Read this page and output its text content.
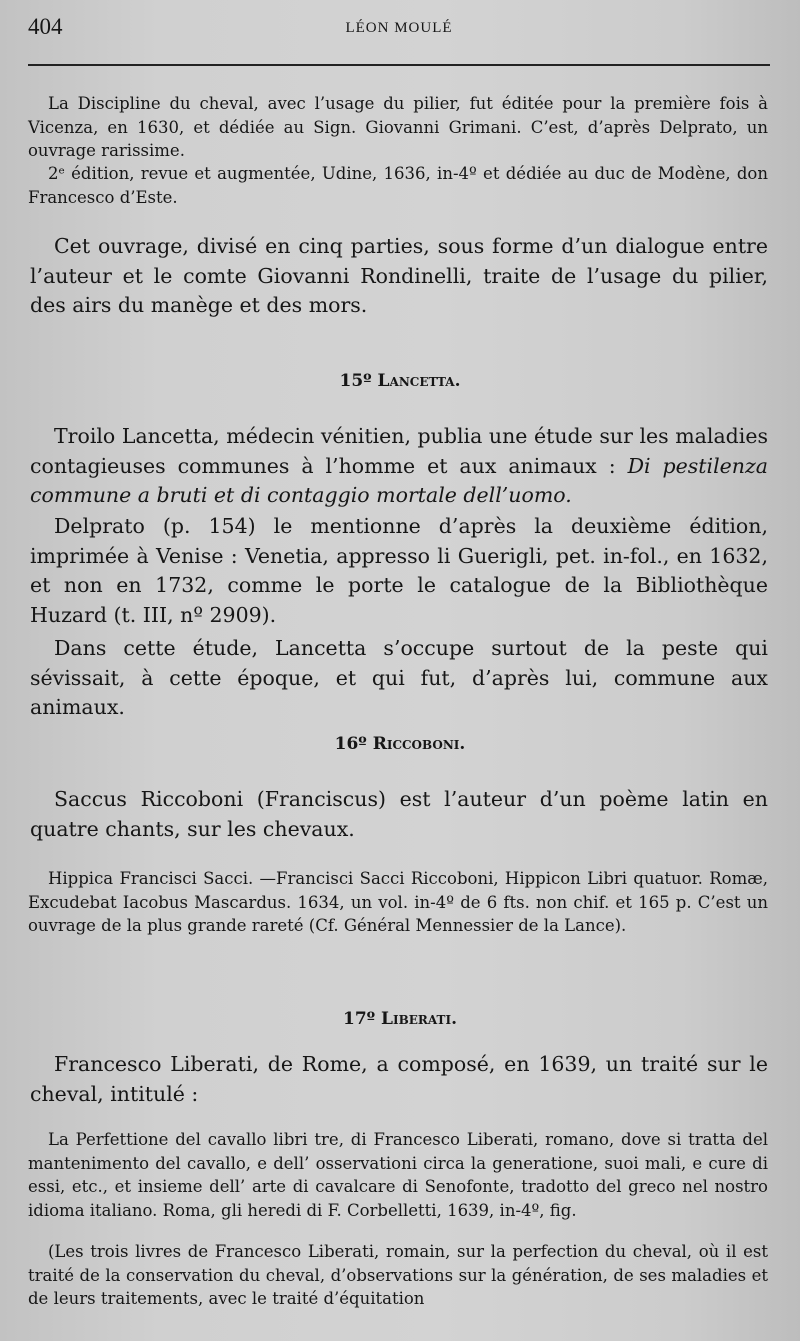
404	LÉON MOULÉ

La Discipline du cheval, avec l’usage du pilier, fut éditée pour la première fois à Vicenza, en 1630, et dédiée au Sign. Giovanni Grimani. C’est, d’après Delprato, un ouvrage rarissime.

2ᵉ édition, revue et augmentée, Udine, 1636, in-4º et dédiée au duc de Modène, don Francesco d’Este.

Cet ouvrage, divisé en cinq parties, sous forme d’un dialogue entre l’auteur et le comte Giovanni Rondinelli, traite de l’usage du pilier, des airs du manège et des mors.

15º Lancetta.

Troilo Lancetta, médecin vénitien, publia une étude sur les maladies contagieuses communes à l’homme et aux animaux : Di pestilenza commune a bruti et di contaggio mortale dell’uomo.

Delprato (p. 154) le mentionne d’après la deuxième édition, imprimée à Venise : Venetia, appresso li Guerigli, pet. in-fol., en 1632, et non en 1732, comme le porte le catalogue de la Bibliothèque Huzard (t. III, nº 2909).

Dans cette étude, Lancetta s’occupe surtout de la peste qui sévissait, à cette époque, et qui fut, d’après lui, commune aux animaux.

16º Riccoboni.

Saccus Riccoboni (Franciscus) est l’auteur d’un poème latin en quatre chants, sur les chevaux.

Hippica Francisci Sacci. —Francisci Sacci Riccoboni, Hippicon Libri quatuor. Romæ, Excudebat Iacobus Mascardus. 1634, un vol. in-4º de 6 fts. non chif. et 165 p. C’est un ouvrage de la plus grande rareté (Cf. Général Mennessier de la Lance).

17º Liberati.

Francesco Liberati, de Rome, a composé, en 1639, un traité sur le cheval, intitulé :

La Perfettione del cavallo libri tre, di Francesco Liberati, romano, dove si tratta del mantenimento del cavallo, e dell’ osservationi circa la generatione, suoi mali, e cure di essi, etc., et insieme dell’ arte di cavalcare di Senofonte, tradotto del greco nel nostro idioma italiano. Roma, gli heredi di F. Corbelletti, 1639, in-4º, fig.

(Les trois livres de Francesco Liberati, romain, sur la perfection du cheval, où il est traité de la conservation du cheval, d’observations sur la génération, de ses maladies et de leurs traitements, avec le traité d’équitation
